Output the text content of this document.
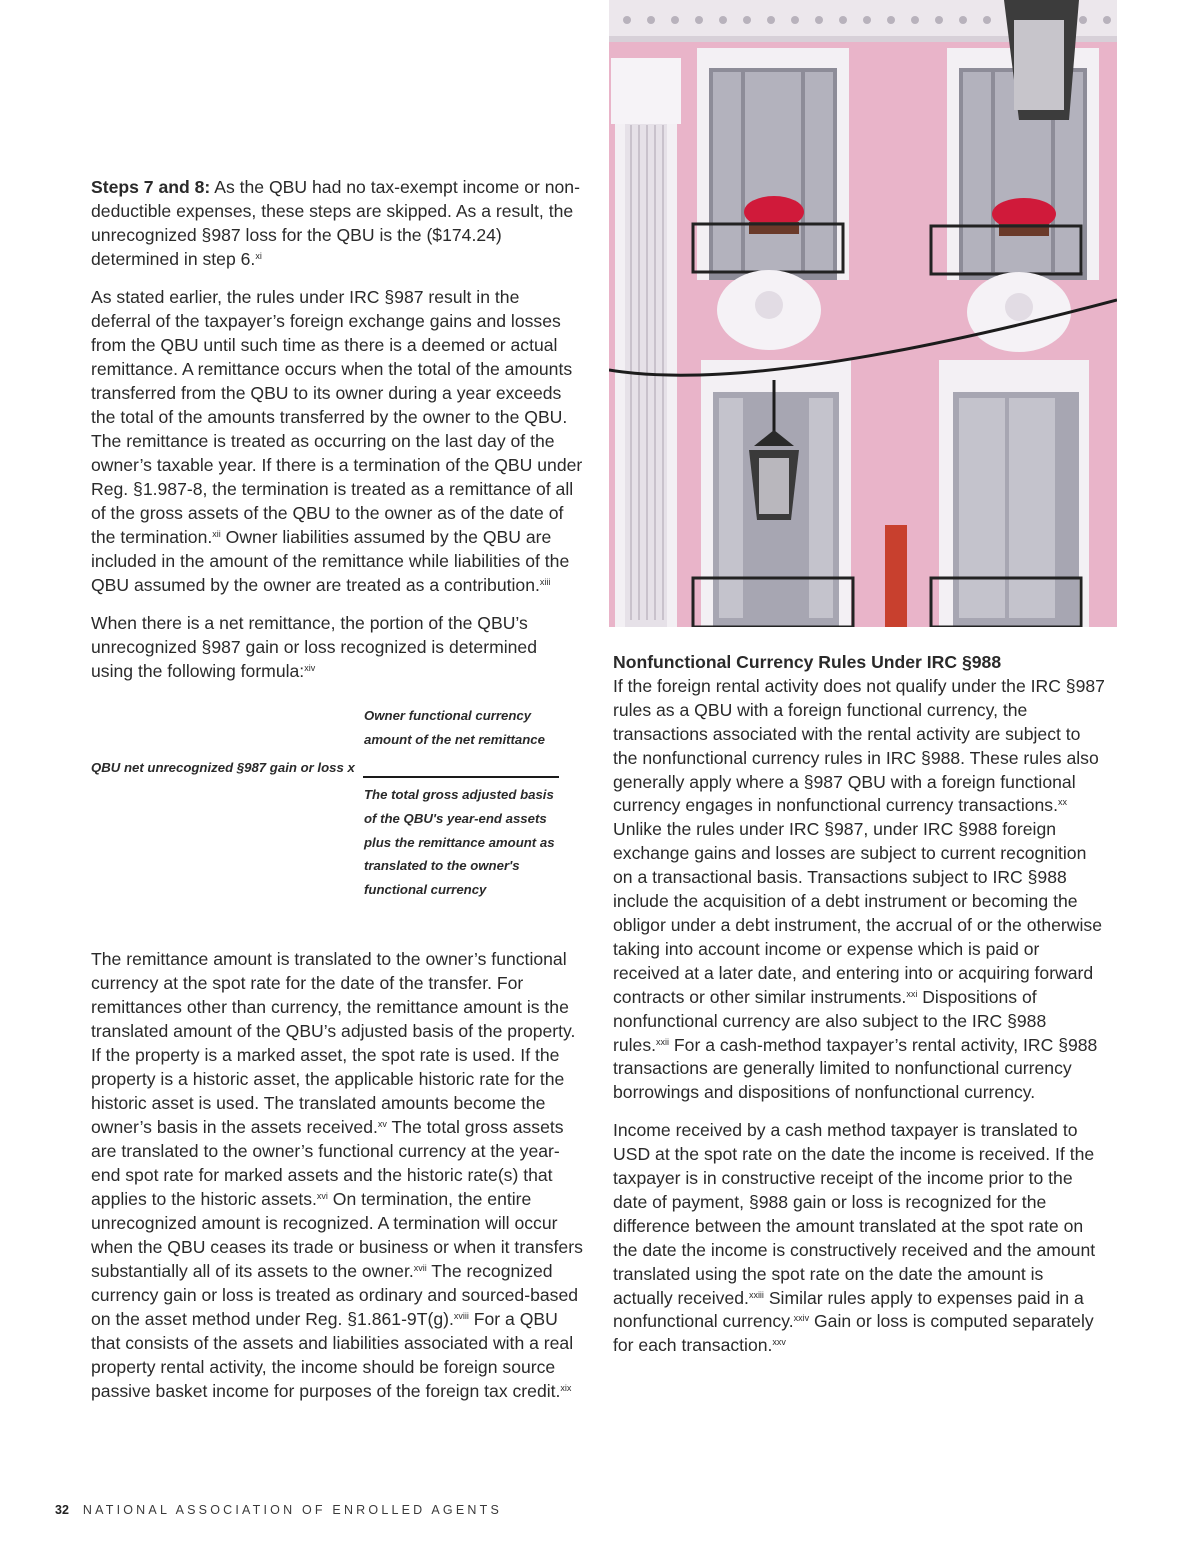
Steps 7 and 8: As the QBU had no tax-exempt income or non-deductible expenses, these steps are skipped. As a result, the unrecognized §987 loss for the QBU is the ($174.24) determined in step 6.$^{xi}$

As stated earlier, the rules under IRC §987 result in the deferral of the taxpayer’s foreign exchange gains and losses from the QBU until such time as there is a deemed or actual remittance. A remittance occurs when the total of the amounts transferred from the QBU to its owner during a year exceeds the total of the amounts transferred by the owner to the QBU. The remittance is treated as occurring on the last day of the owner’s taxable year. If there is a termination of the QBU under Reg. §1.987-8, the termination is treated as a remittance of all of the gross assets of the QBU to the owner as of the date of the termination.$^{xii}$ Owner liabilities assumed by the QBU are included in the amount of the remittance while liabilities of the QBU assumed by the owner are treated as a contribution.$^{xiii}$

When there is a net remittance, the portion of the QBU’s unrecognized §987 gain or loss recognized is determined using the following formula:$^{xiv}$

QBU net unrecognized §987 gain or loss x
Owner functional currency amount of the net remittance
The total gross adjusted basis of the QBU's year-end assets plus the remittance amount as translated to the owner's functional currency

The remittance amount is translated to the owner’s functional currency at the spot rate for the date of the transfer. For remittances other than currency, the remittance amount is the translated amount of the QBU’s adjusted basis of the property. If the property is a marked asset, the spot rate is used. If the property is a historic asset, the applicable historic rate for the historic asset is used. The translated amounts become the owner’s basis in the assets received.$^{xv}$ The total gross assets are translated to the owner’s functional currency at the year-end spot rate for marked assets and the historic rate(s) that applies to the historic assets.$^{xvi}$ On termination, the entire unrecognized amount is recognized. A termination will occur when the QBU ceases its trade or business or when it transfers substantially all of its assets to the owner.$^{xvii}$ The recognized currency gain or loss is treated as ordinary and sourced-based on the asset method under Reg. §1.861-9T(g).$^{xviii}$ For a QBU that consists of the assets and liabilities associated with a real property rental activity, the income should be foreign source passive basket income for purposes of the foreign tax credit.$^{xix}$

Nonfunctional Currency Rules Under IRC §988

If the foreign rental activity does not qualify under the IRC §987 rules as a QBU with a foreign functional currency, the transactions associated with the rental activity are subject to the nonfunctional currency rules in IRC §988. These rules also generally apply where a §987 QBU with a foreign functional currency engages in nonfunctional currency transactions.$^{xx}$ Unlike the rules under IRC §987, under IRC §988 foreign exchange gains and losses are subject to current recognition on a transactional basis. Transactions subject to IRC §988 include the acquisition of a debt instrument or becoming the obligor under a debt instrument, the accrual of or the otherwise taking into account income or expense which is paid or received at a later date, and entering into or acquiring forward contracts or other similar instruments.$^{xxi}$ Dispositions of nonfunctional currency are also subject to the IRC §988 rules.$^{xxii}$ For a cash-method taxpayer’s rental activity, IRC §988 transactions are generally limited to nonfunctional currency borrowings and dispositions of nonfunctional currency.

Income received by a cash method taxpayer is translated to USD at the spot rate on the date the income is received. If the taxpayer is in constructive receipt of the income prior to the date of payment, §988 gain or loss is recognized for the difference between the amount translated at the spot rate on the date the income is constructively received and the amount translated using the spot rate on the date the amount is actually received.$^{xxiii}$ Similar rules apply to expenses paid in a nonfunctional currency.$^{xxiv}$ Gain or loss is computed separately for each transaction.$^{xxv}$

32 NATIONAL ASSOCIATION OF ENROLLED AGENTS
